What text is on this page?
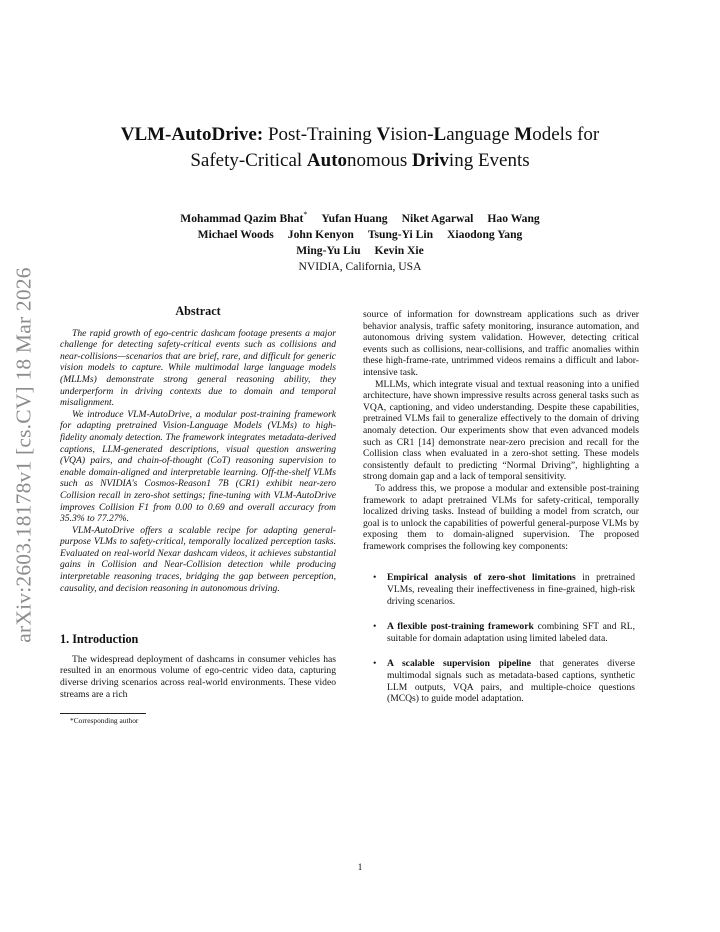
arXiv:2603.18178v1 [cs.CV] 18 Mar 2026
VLM-AutoDrive: Post-Training Vision-Language Models for
Safety-Critical Autonomous Driving Events
Mohammad Qazim Bhat* Yufan Huang Niket Agarwal Hao Wang
Michael Woods John Kenyon Tsung-Yi Lin Xiaodong Yang
Ming-Yu Liu Kevin Xie
NVIDIA, California, USA
Abstract

The rapid growth of ego-centric dashcam footage presents a major challenge for detecting safety-critical events such as collisions and near-collisions—scenarios that are brief, rare, and difficult for generic vision models to capture. While multimodal large language models (MLLMs) demonstrate strong general reasoning ability, they underperform in driving contexts due to domain and temporal misalignment.

We introduce VLM-AutoDrive, a modular post-training framework for adapting pretrained Vision-Language Models (VLMs) to high-fidelity anomaly detection. The framework integrates metadata-derived captions, LLM-generated descriptions, visual question answering (VQA) pairs, and chain-of-thought (CoT) reasoning supervision to enable domain-aligned and interpretable learning. Off-the-shelf VLMs such as NVIDIA's Cosmos-Reason1 7B (CR1) exhibit near-zero Collision recall in zero-shot settings; fine-tuning with VLM-AutoDrive improves Collision F1 from 0.00 to 0.69 and overall accuracy from 35.3% to 77.27%.

VLM-AutoDrive offers a scalable recipe for adapting general-purpose VLMs to safety-critical, temporally localized perception tasks. Evaluated on real-world Nexar dashcam videos, it achieves substantial gains in Collision and Near-Collision detection while producing interpretable reasoning traces, bridging the gap between perception, causality, and decision reasoning in autonomous driving.

1. Introduction

The widespread deployment of dashcams in consumer vehicles has resulted in an enormous volume of ego-centric video data, capturing diverse driving scenarios across real-world environments. These video streams are a rich

*Corresponding author

source of information for downstream applications such as driver behavior analysis, traffic safety monitoring, insurance automation, and autonomous driving system validation. However, detecting critical events such as collisions, near-collisions, and traffic anomalies within these high-frame-rate, untrimmed videos remains a difficult and labor-intensive task.

MLLMs, which integrate visual and textual reasoning into a unified architecture, have shown impressive results across general tasks such as VQA, captioning, and video understanding. Despite these capabilities, pretrained VLMs fail to generalize effectively to the domain of driving anomaly detection. Our experiments show that even advanced models such as CR1 [14] demonstrate near-zero precision and recall for the Collision class when evaluated in a zero-shot setting. These models consistently default to predicting “Normal Driving”, highlighting a strong domain gap and a lack of temporal sensitivity.

To address this, we propose a modular and extensible post-training framework to adapt pretrained VLMs for safety-critical, temporally localized driving tasks. Instead of building a model from scratch, our goal is to unlock the capabilities of powerful general-purpose VLMs by exposing them to domain-aligned supervision. The proposed framework comprises the following key components:

• Empirical analysis of zero-shot limitations in pretrained VLMs, revealing their ineffectiveness in fine-grained, high-risk driving scenarios.
• A flexible post-training framework combining SFT and RL, suitable for domain adaptation using limited labeled data.
• A scalable supervision pipeline that generates diverse multimodal signals such as metadata-based captions, synthetic LLM outputs, VQA pairs, and multiple-choice questions (MCQs) to guide model adaptation.
1
